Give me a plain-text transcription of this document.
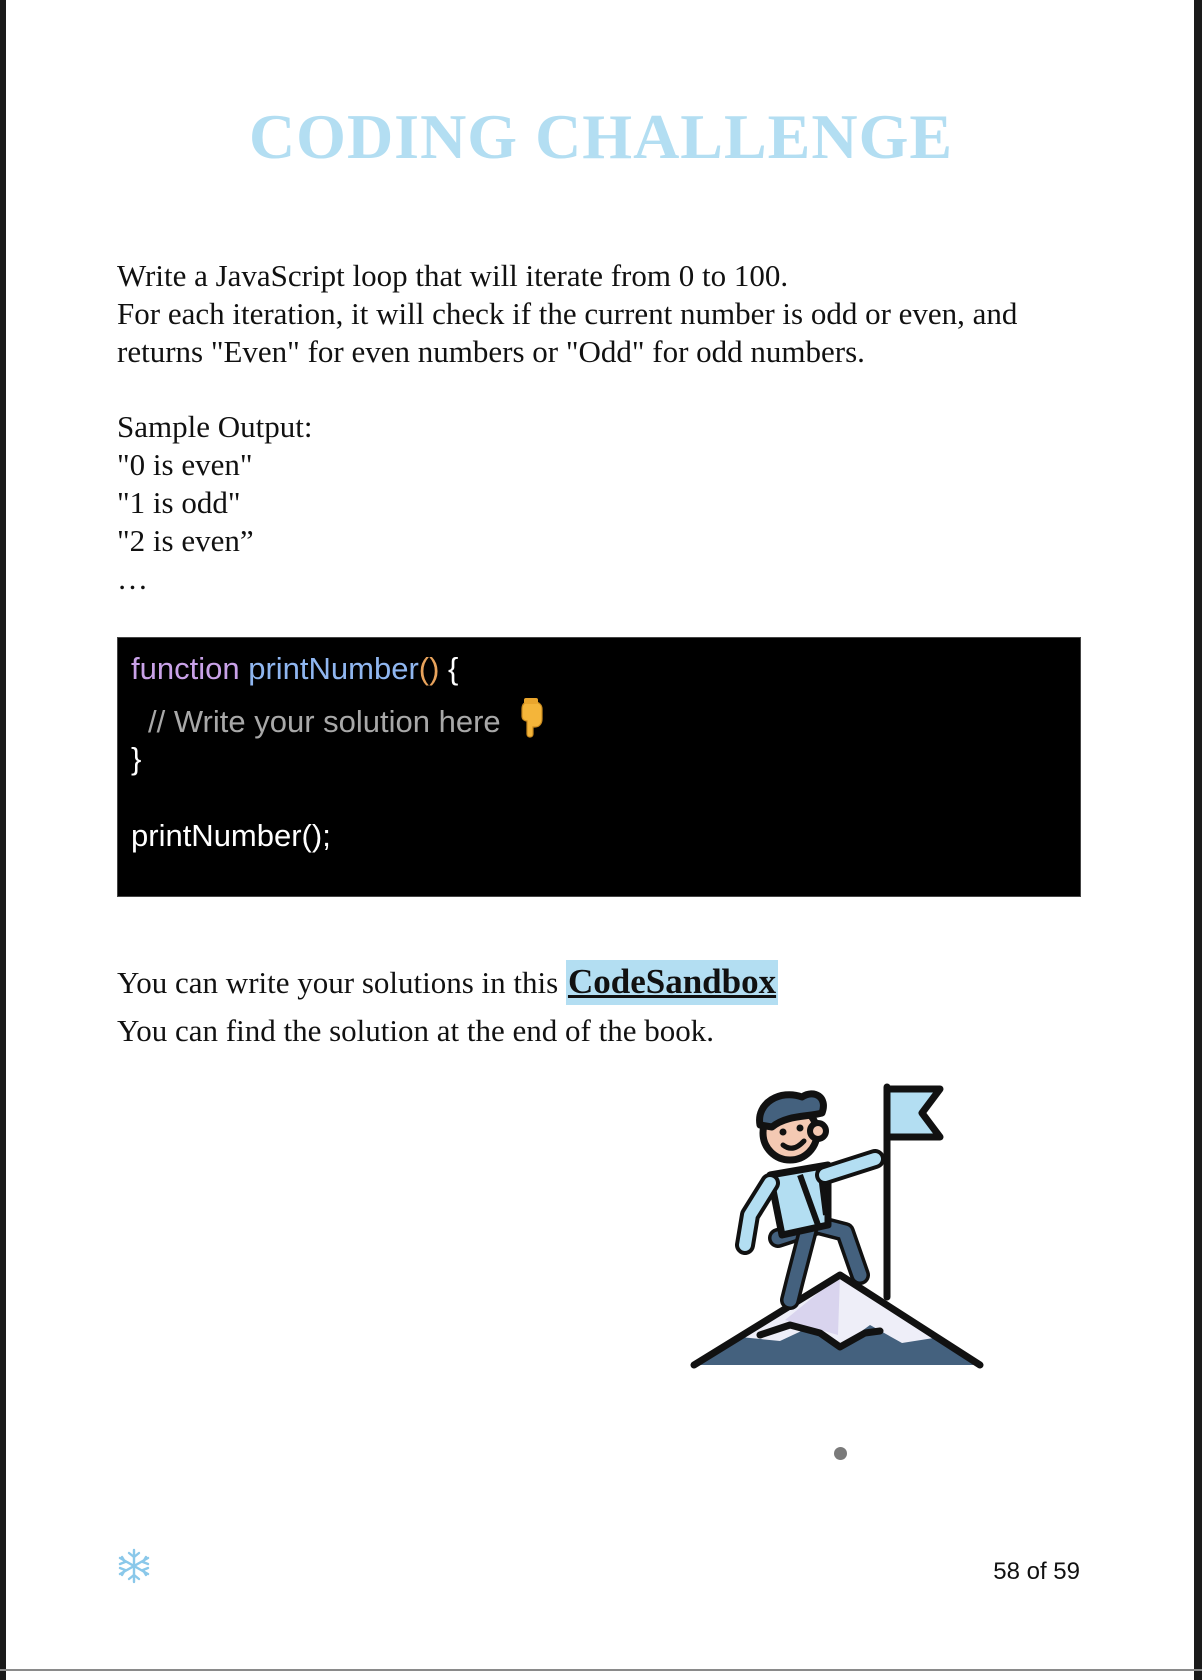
CODING CHALLENGE

Write a JavaScript loop that will iterate from 0 to 100.

For each iteration, it will check if the current number is odd or even, and

returns "Even" for even numbers or "Odd" for odd numbers.

Sample Output:

"0 is even"

"1 is odd"

"2 is even”

…

function printNumber() {
// Write your solution here
}
printNumber();

You can write your solutions in this CodeSandbox

You can find the solution at the end of the book.

58 of 59
